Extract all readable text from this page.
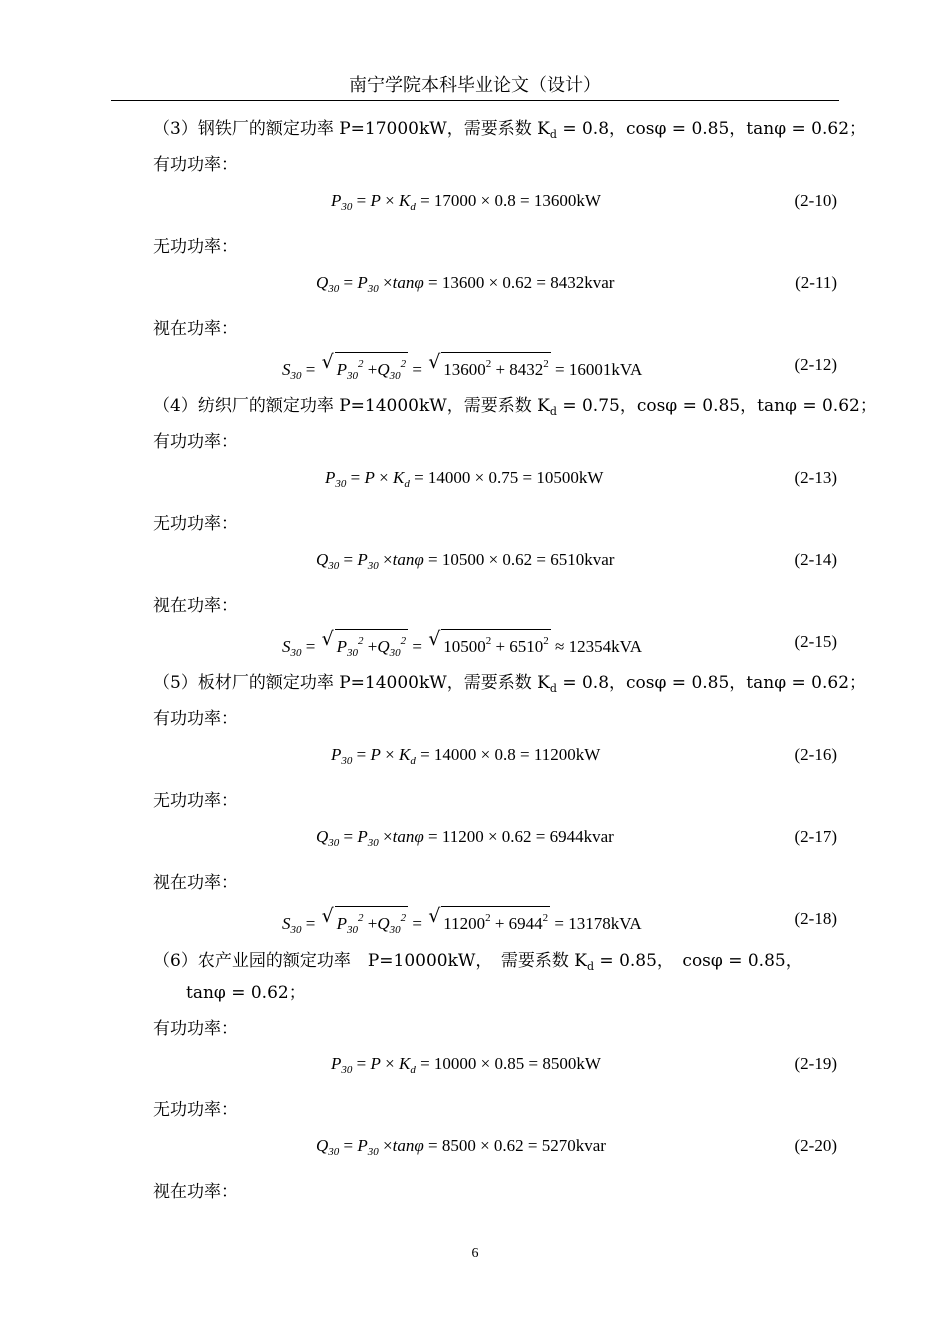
南宁学院本科毕业论文（设计）
（3）钢铁厂的额定功率 P=17000kW，需要系数 $K_d = 0.8$，cosφ = 0.85，tanφ = 0.62；
有功功率：
$P_{30} = P \times K_d = 17000 \times 0.8 = 13600kW$	(2-10)
无功功率：
$Q_{30} = P_{30} \times\tan\varphi = 13600 \times 0.62$ = 8432kvar	(2-11)
视在功率：
$S_{30}$ = √ $P_{30}^2 +Q_{30}^2$ = √ $13600^2 + 8432^2 = 16001kVA$	(2-12)
（4）纺织厂的额定功率 P=14000kW，需要系数 $K_d = 0.75$，cosφ = 0.85，tanφ = 0.62；
有功功率：
$P_{30} = P \times K_d = 14000 \times 0.75 = 10500kW$	(2-13)
无功功率：
$Q_{30} = P_{30} \times\tan\varphi = 10500 \times 0.62$ = 6510kvar	(2-14)
视在功率：
$S_{30}$ = √ $P_{30}^2 +Q_{30}^2$ = √ $10500^2 + 6510^2 \approx 12354kVA$	(2-15)
（5）板材厂的额定功率 P=14000kW，需要系数 $K_d = 0.8$，cosφ = 0.85，tanφ = 0.62；
有功功率：
$P_{30} = P \times K_d = 14000 \times 0.8 = 11200kW$	(2-16)
无功功率：
$Q_{30} = P_{30} \times\tan\varphi = 11200 \times 0.62$ = 6944kvar	(2-17)
视在功率：
$S_{30}$ = √ $P_{30}^2 +Q_{30}^2$ = √ $11200^2 + 6944^2 = 13178kVA$	(2-18)
（6）农产业园的额定功率　P=10000kW，　需要系数 $K_d = 0.85$，　cosφ = 0.85，
tanφ = 0.62；
有功功率：
$P_{30} = P \times K_d = 10000 \times 0.85 = 8500kW$	(2-19)
无功功率：
$Q_{30} = P_{30} \times\tan\varphi = 8500 \times 0.62$ = 5270kvar	(2-20)
视在功率：
6
